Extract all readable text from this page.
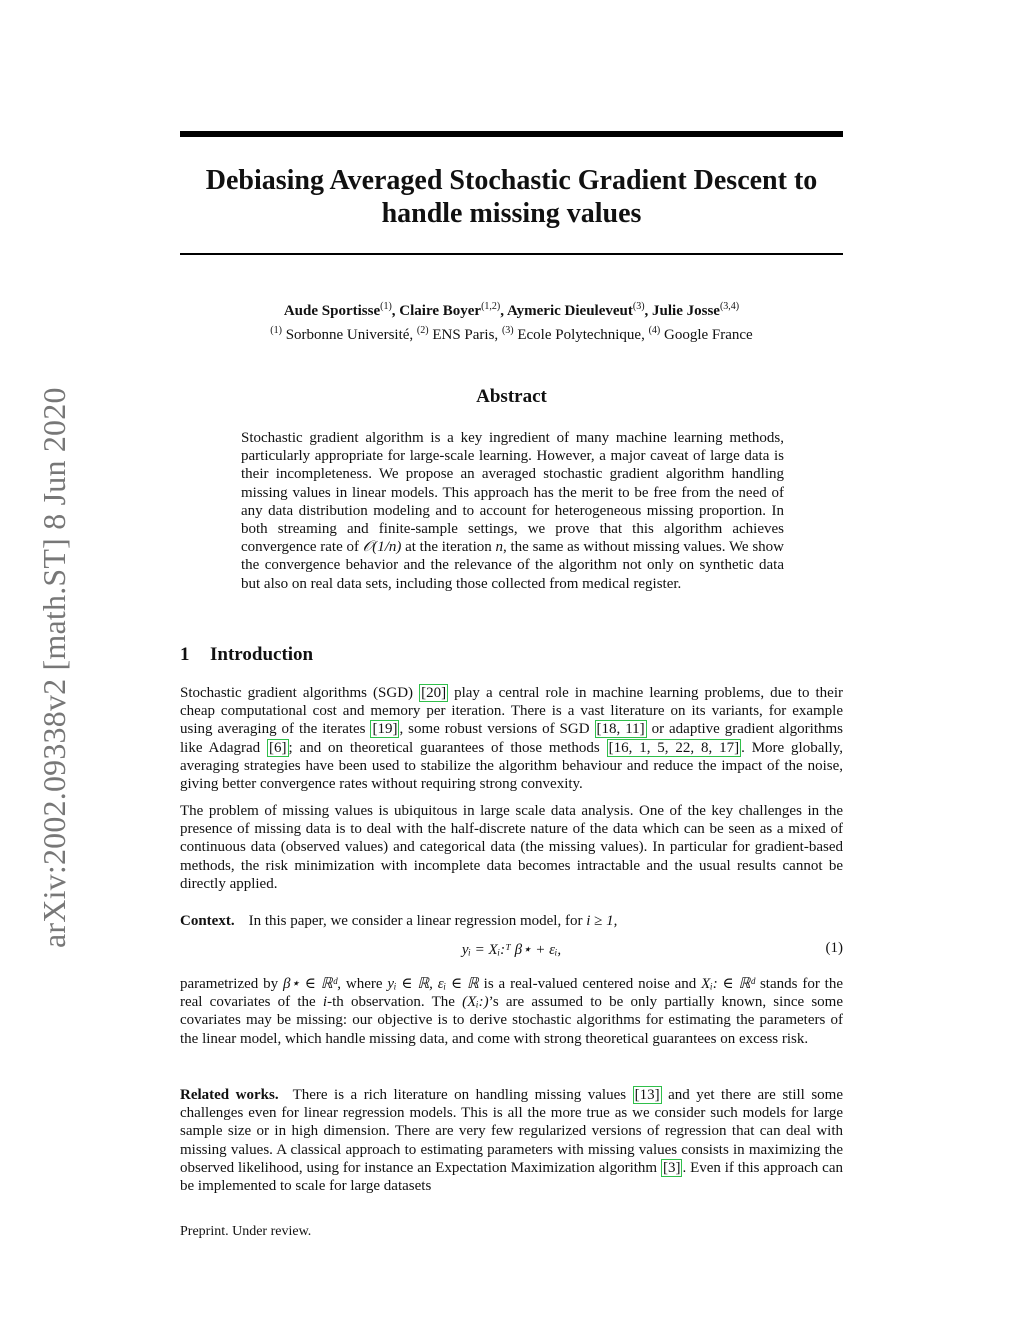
Debiasing Averaged Stochastic Gradient Descent to
handle missing values
Aude Sportisse$^{(1)}$, Claire Boyer$^{(1,2)}$, Aymeric Dieuleveut$^{(3)}$, Julie Josse$^{(3,4)}$
$^{(1)}$ Sorbonne Université, $^{(2)}$ ENS Paris, $^{(3)}$ Ecole Polytechnique, $^{(4)}$ Google France
arXiv:2002.09338v2 [math.ST] 8 Jun 2020	Abstract
Stochastic gradient algorithm is a key ingredient of many machine learning methods, particularly appropriate for large-scale learning. However, a major caveat of large data is their incompleteness. We propose an averaged stochastic gradient algorithm handling missing values in linear models. This approach has the merit to be free from the need of any data distribution modeling and to account for heterogeneous missing proportion. In both streaming and finite-sample settings, we prove that this algorithm achieves convergence rate of 𝒪(1/n) at the iteration n, the same as without missing values. We show the convergence behavior and the relevance of the algorithm not only on synthetic data but also on real data sets, including those collected from medical register.
1 Introduction

Stochastic gradient algorithms (SGD) [20] play a central role in machine learning problems, due to their cheap computational cost and memory per iteration. There is a vast literature on its variants, for example using averaging of the iterates [19] , some robust versions of SGD [18, 11] or adaptive gradient algorithms like Adagrad [6] ; and on theoretical guarantees of those methods [16, 1, 5, 22, 8, 17] . More globally, averaging strategies have been used to stabilize the algorithm behaviour and reduce the impact of the noise, giving better convergence rates without requiring strong convexity.

The problem of missing values is ubiquitous in large scale data analysis. One of the key challenges in the presence of missing data is to deal with the half-discrete nature of the data which can be seen as a mixed of continuous data (observed values) and categorical data (the missing values). In particular for gradient-based methods, the risk minimization with incomplete data becomes intractable and the usual results cannot be directly applied.

Context. In this paper, we consider a linear regression model, for i ≥ 1,

yᵢ = Xᵢ:ᵀ β⋆ + εᵢ,	(1)

parametrized by β⋆ ∈ ℝᵈ, where yᵢ ∈ ℝ, εᵢ ∈ ℝ is a real-valued centered noise and Xᵢ: ∈ ℝᵈ stands for the real covariates of the i-th observation. The (Xᵢ:)’s are assumed to be only partially known, since some covariates may be missing: our objective is to derive stochastic algorithms for estimating the parameters of the linear model, which handle missing data, and come with strong theoretical guarantees on excess risk.

Related works. There is a rich literature on handling missing values [13] and yet there are still some challenges even for linear regression models. This is all the more true as we consider such models for large sample size or in high dimension. There are very few regularized versions of regression that can deal with missing values. A classical approach to estimating parameters with missing values consists in maximizing the observed likelihood, using for instance an Expectation Maximization algorithm [3] . Even if this approach can be implemented to scale for large datasets

Preprint. Under review.
